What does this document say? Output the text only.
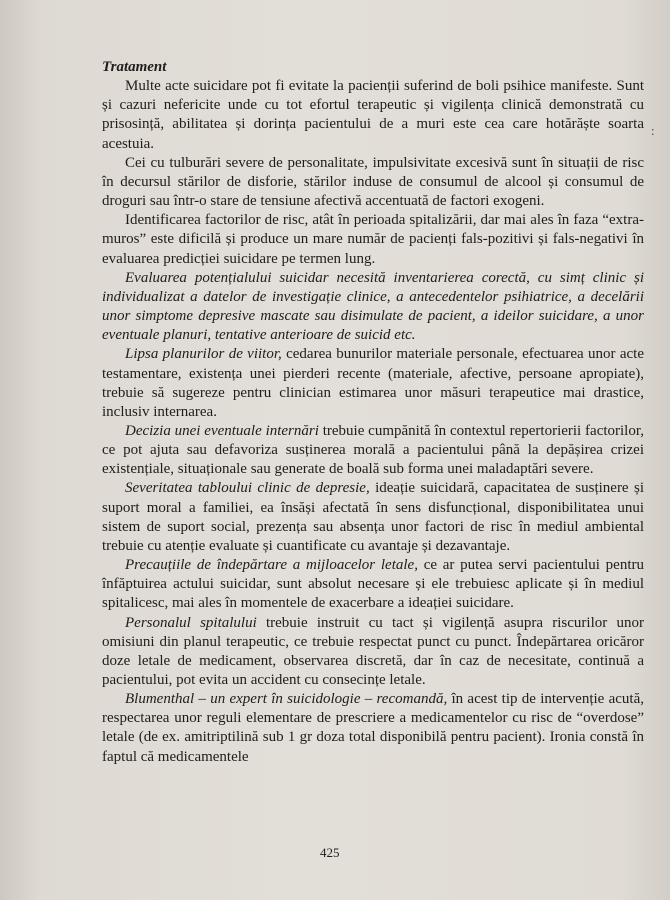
Tratament

Multe acte suicidare pot fi evitate la pacienții suferind de boli psihice manifeste. Sunt și cazuri nefericite unde cu tot efortul terapeutic și vigilența clinică demonstrată cu prisosință, abilitatea și dorința pacientului de a muri este cea care hotărăște soarta acestuia.

Cei cu tulburări severe de personalitate, impulsivitate excesivă sunt în situații de risc în decursul stărilor de disforie, stărilor induse de consumul de alcool și consumul de droguri sau într-o stare de tensiune afectivă accentuată de factori exogeni.

Identificarea factorilor de risc, atât în perioada spitalizării, dar mai ales în faza “extra-muros” este dificilă și produce un mare număr de pacienți fals-pozitivi și fals-negativi în evaluarea predicției suicidare pe termen lung.

Evaluarea potențialului suicidar necesită inventarierea corectă, cu simț clinic și individualizat a datelor de investigație clinice, a antecedentelor psihiatrice, a decelării unor simptome depresive mascate sau disimulate de pacient, a ideilor suicidare, a unor eventuale planuri, tentative anterioare de suicid etc.

Lipsa planurilor de viitor, cedarea bunurilor materiale personale, efectuarea unor acte testamentare, existența unei pierderi recente (materiale, afective, persoane apropiate), trebuie să sugereze pentru clinician estimarea unor măsuri terapeutice mai drastice, inclusiv internarea.

Decizia unei eventuale internări trebuie cumpănită în contextul repertorierii factorilor, ce pot ajuta sau defavoriza susținerea morală a pacientului până la depășirea crizei existențiale, situaționale sau generate de boală sub forma unei maladaptări severe.

Severitatea tabloului clinic de depresie, ideație suicidară, capacitatea de susținere și suport moral a familiei, ea însăși afectată în sens disfuncțional, disponibilitatea unui sistem de suport social, prezența sau absența unor factori de risc în mediul ambiental trebuie cu atenție evaluate și cuantificate cu avantaje și dezavantaje.

Precauțiile de îndepărtare a mijloacelor letale, ce ar putea servi pacientului pentru înfăptuirea actului suicidar, sunt absolut necesare și ele trebuiesc aplicate și în mediul spitalicesc, mai ales în momentele de exacerbare a ideației suicidare.

Personalul spitalului trebuie instruit cu tact și vigilență asupra riscurilor unor omisiuni din planul terapeutic, ce trebuie respectat punct cu punct. Îndepărtarea oricăror doze letale de medicament, observarea discretă, dar în caz de necesitate, continuă a pacientului, pot evita un accident cu consecințe letale.

Blumenthal – un expert în suicidologie – recomandă, în acest tip de intervenție acută, respectarea unor reguli elementare de prescriere a medicamentelor cu risc de “overdose” letale (de ex. amitriptilină sub 1 gr doza total disponibilă pentru pacient). Ironia constă în faptul că medicamentele

:
425
